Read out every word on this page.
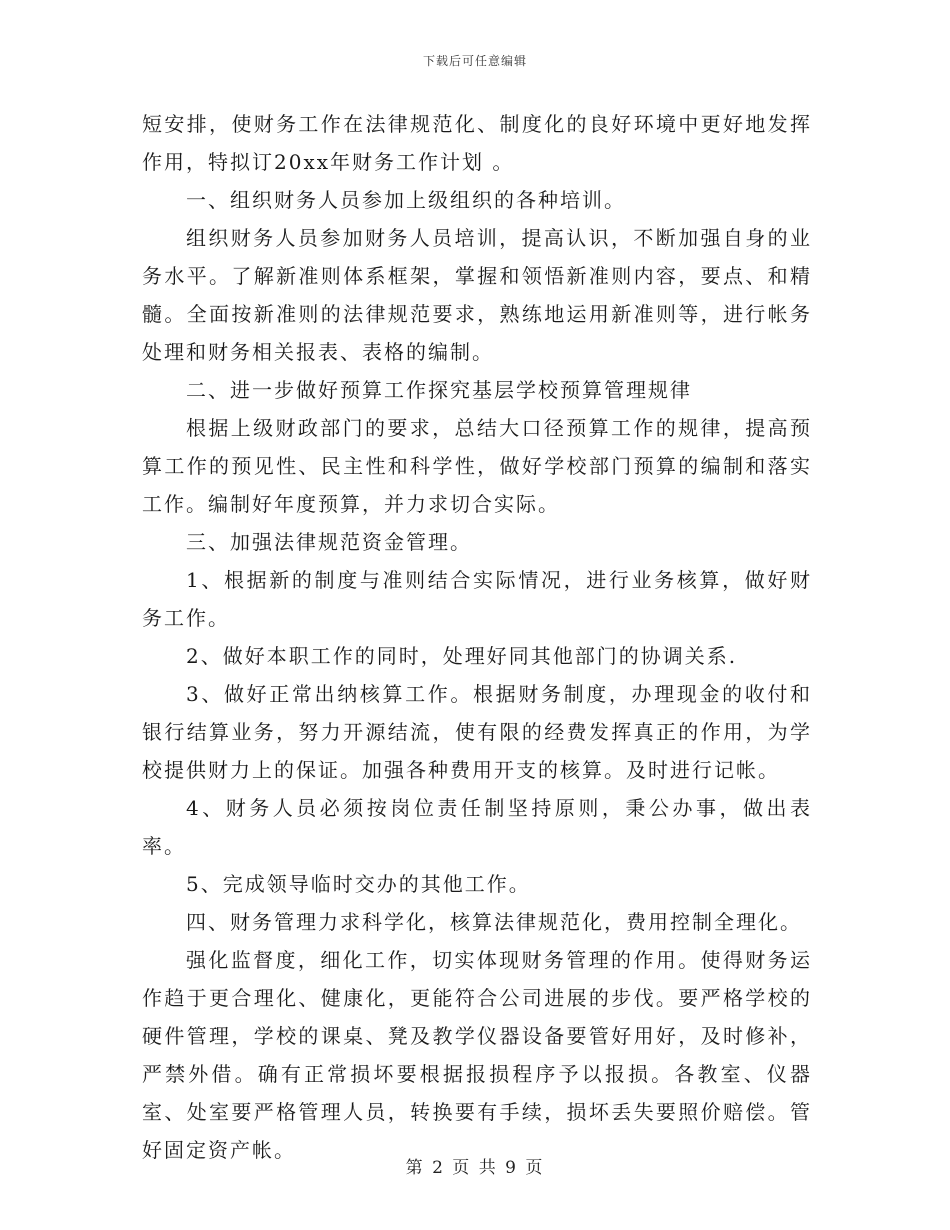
下载后可任意编辑

短安排，使财务工作在法律规范化、制度化的良好环境中更好地发挥作用，特拟订20xx年财务工作计划 。

一、组织财务人员参加上级组织的各种培训。

组织财务人员参加财务人员培训，提高认识，不断加强自身的业务水平。了解新准则体系框架，掌握和领悟新准则内容，要点、和精髓。全面按新准则的法律规范要求，熟练地运用新准则等，进行帐务处理和财务相关报表、表格的编制。

二、进一步做好预算工作探究基层学校预算管理规律

根据上级财政部门的要求，总结大口径预算工作的规律，提高预算工作的预见性、民主性和科学性，做好学校部门预算的编制和落实工作。编制好年度预算，并力求切合实际。

三、加强法律规范资金管理。

1、根据新的制度与准则结合实际情况，进行业务核算，做好财务工作。

2、做好本职工作的同时，处理好同其他部门的协调关系.

3、做好正常出纳核算工作。根据财务制度，办理现金的收付和银行结算业务，努力开源结流，使有限的经费发挥真正的作用，为学校提供财力上的保证。加强各种费用开支的核算。及时进行记帐。

4、财务人员必须按岗位责任制坚持原则，秉公办事，做出表率。

5、完成领导临时交办的其他工作。

四、财务管理力求科学化，核算法律规范化，费用控制全理化。

强化监督度，细化工作，切实体现财务管理的作用。使得财务运作趋于更合理化、健康化，更能符合公司进展的步伐。要严格学校的硬件管理，学校的课桌、凳及教学仪器设备要管好用好，及时修补，严禁外借。确有正常损坏要根据报损程序予以报损。各教室、仪器室、处室要严格管理人员，转换要有手续，损坏丢失要照价赔偿。管好固定资产帐。

第 2 页 共 9 页
